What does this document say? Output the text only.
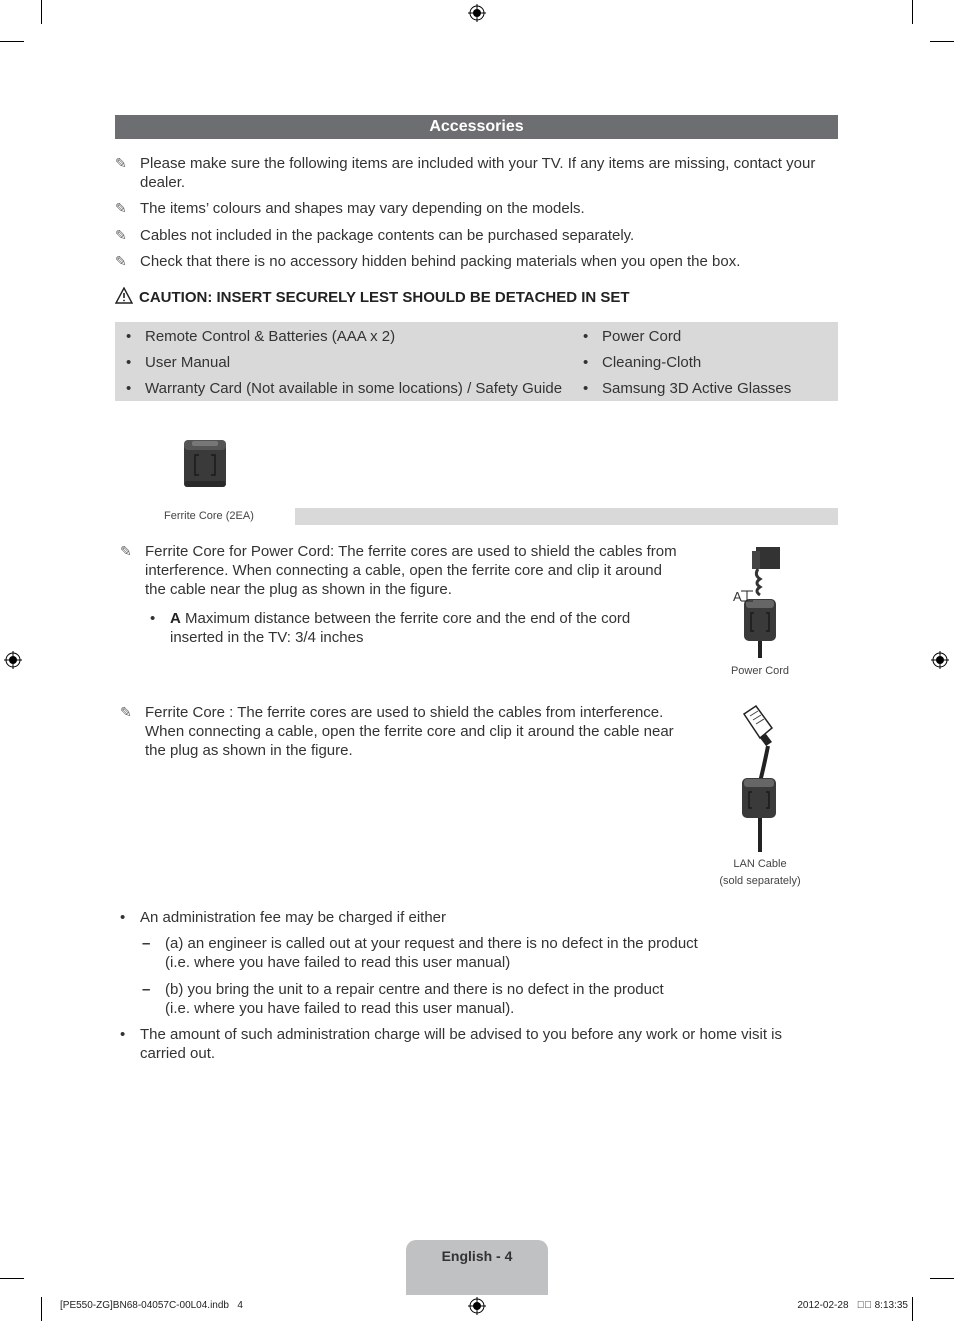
Accessories
✎ Please make sure the following items are included with your TV. If any items are missing, contact your dealer.
✎ The items’ colours and shapes may vary depending on the models.
✎ Cables not included in the package contents can be purchased separately.
✎ Check that there is no accessory hidden behind packing materials when you open the box.
CAUTION: INSERT SECURELY LEST SHOULD BE DETACHED IN SET
• Remote Control & Batteries (AAA x 2)
• User Manual
• Warranty Card (Not available in some locations) / Safety Guide
• Power Cord
• Cleaning-Cloth
• Samsung 3D Active Glasses
Ferrite Core (2EA)
✎ Ferrite Core for Power Cord: The ferrite cores are used to shield the cables from interference. When connecting a cable, open the ferrite core and clip it around the cable near the plug as shown in the figure.
• A Maximum distance between the ferrite core and the end of the cord inserted in the TV: 3/4 inches
A
Power Cord
✎ Ferrite Core : The ferrite cores are used to shield the cables from interference. When connecting a cable, open the ferrite core and clip it around the cable near the plug as shown in the figure.
LAN Cable
(sold separately)
• An administration fee may be charged if either
– (a) an engineer is called out at your request and there is no defect in the product
(i.e. where you have failed to read this user manual)
– (b) you bring the unit to a repair centre and there is no defect in the product
(i.e. where you have failed to read this user manual).
• The amount of such administration charge will be advised to you before any work or home visit is carried out.
English - 4
[PE550-ZG]BN68-04057C-00L04.indb   4	2012-02-28   ￿￿ 8:13:35
